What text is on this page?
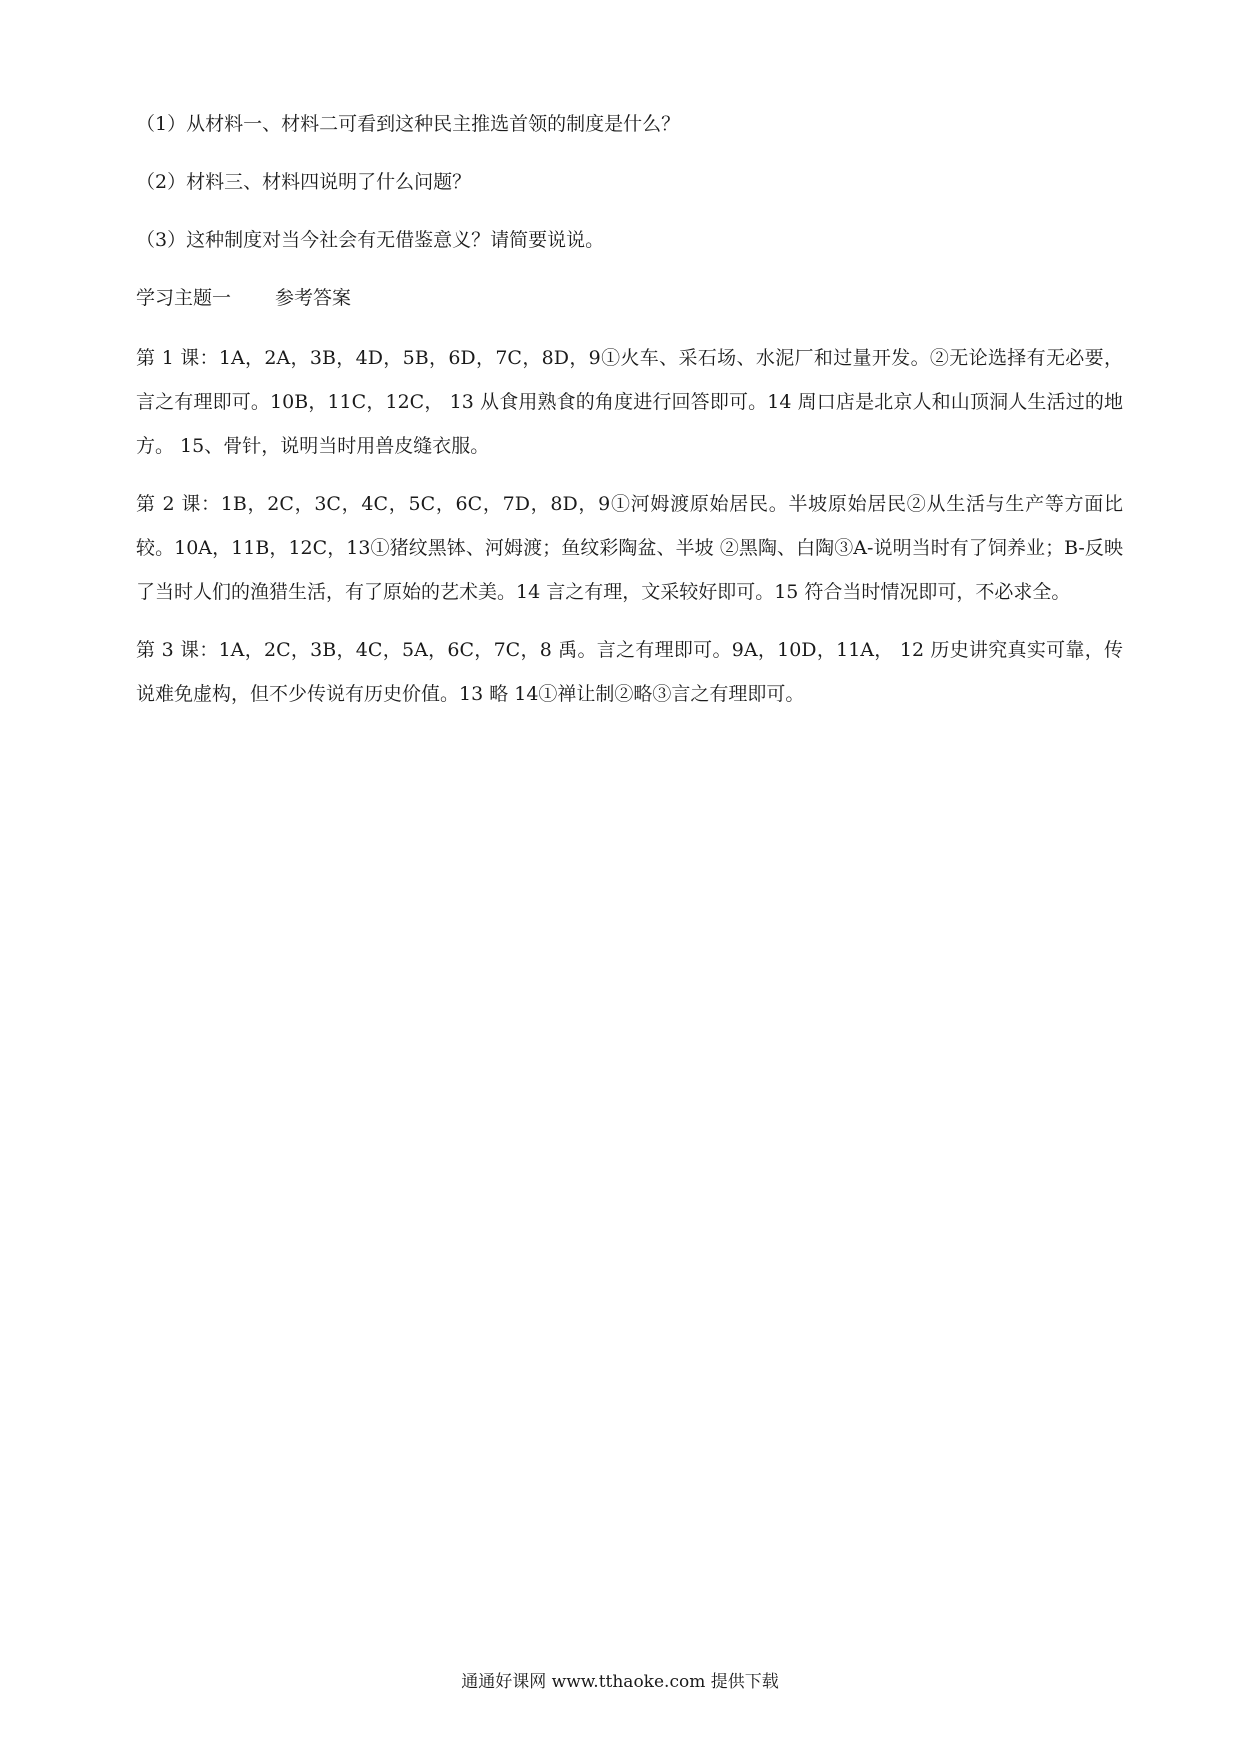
（1）从材料一、材料二可看到这种民主推选首领的制度是什么？

（2）材料三、材料四说明了什么问题？

（3）这种制度对当今社会有无借鉴意义？请简要说说。

学习主题一 参考答案

第 1 课：1A，2A，3B，4D，5B，6D，7C，8D，9①火车、采石场、水泥厂和过量开发。②无论选择有无必要，言之有理即可。10B，11C，12C， 13 从食用熟食的角度进行回答即可。14 周口店是北京人和山顶洞人生活过的地方。 15、骨针，说明当时用兽皮缝衣服。

第 2 课：1B，2C，3C，4C，5C，6C，7D，8D，9①河姆渡原始居民。半坡原始居民②从生活与生产等方面比较。10A，11B，12C，13①猪纹黑钵、河姆渡；鱼纹彩陶盆、半坡 ②黑陶、白陶③A-说明当时有了饲养业；B-反映了当时人们的渔猎生活，有了原始的艺术美。14 言之有理，文采较好即可。15 符合当时情况即可，不必求全。

第 3 课：1A，2C，3B，4C，5A，6C，7C，8 禹。言之有理即可。9A，10D，11A， 12 历史讲究真实可靠，传说难免虚构，但不少传说有历史价值。13 略 14①禅让制②略③言之有理即可。

通通好课网 www.tthaoke.com 提供下载
